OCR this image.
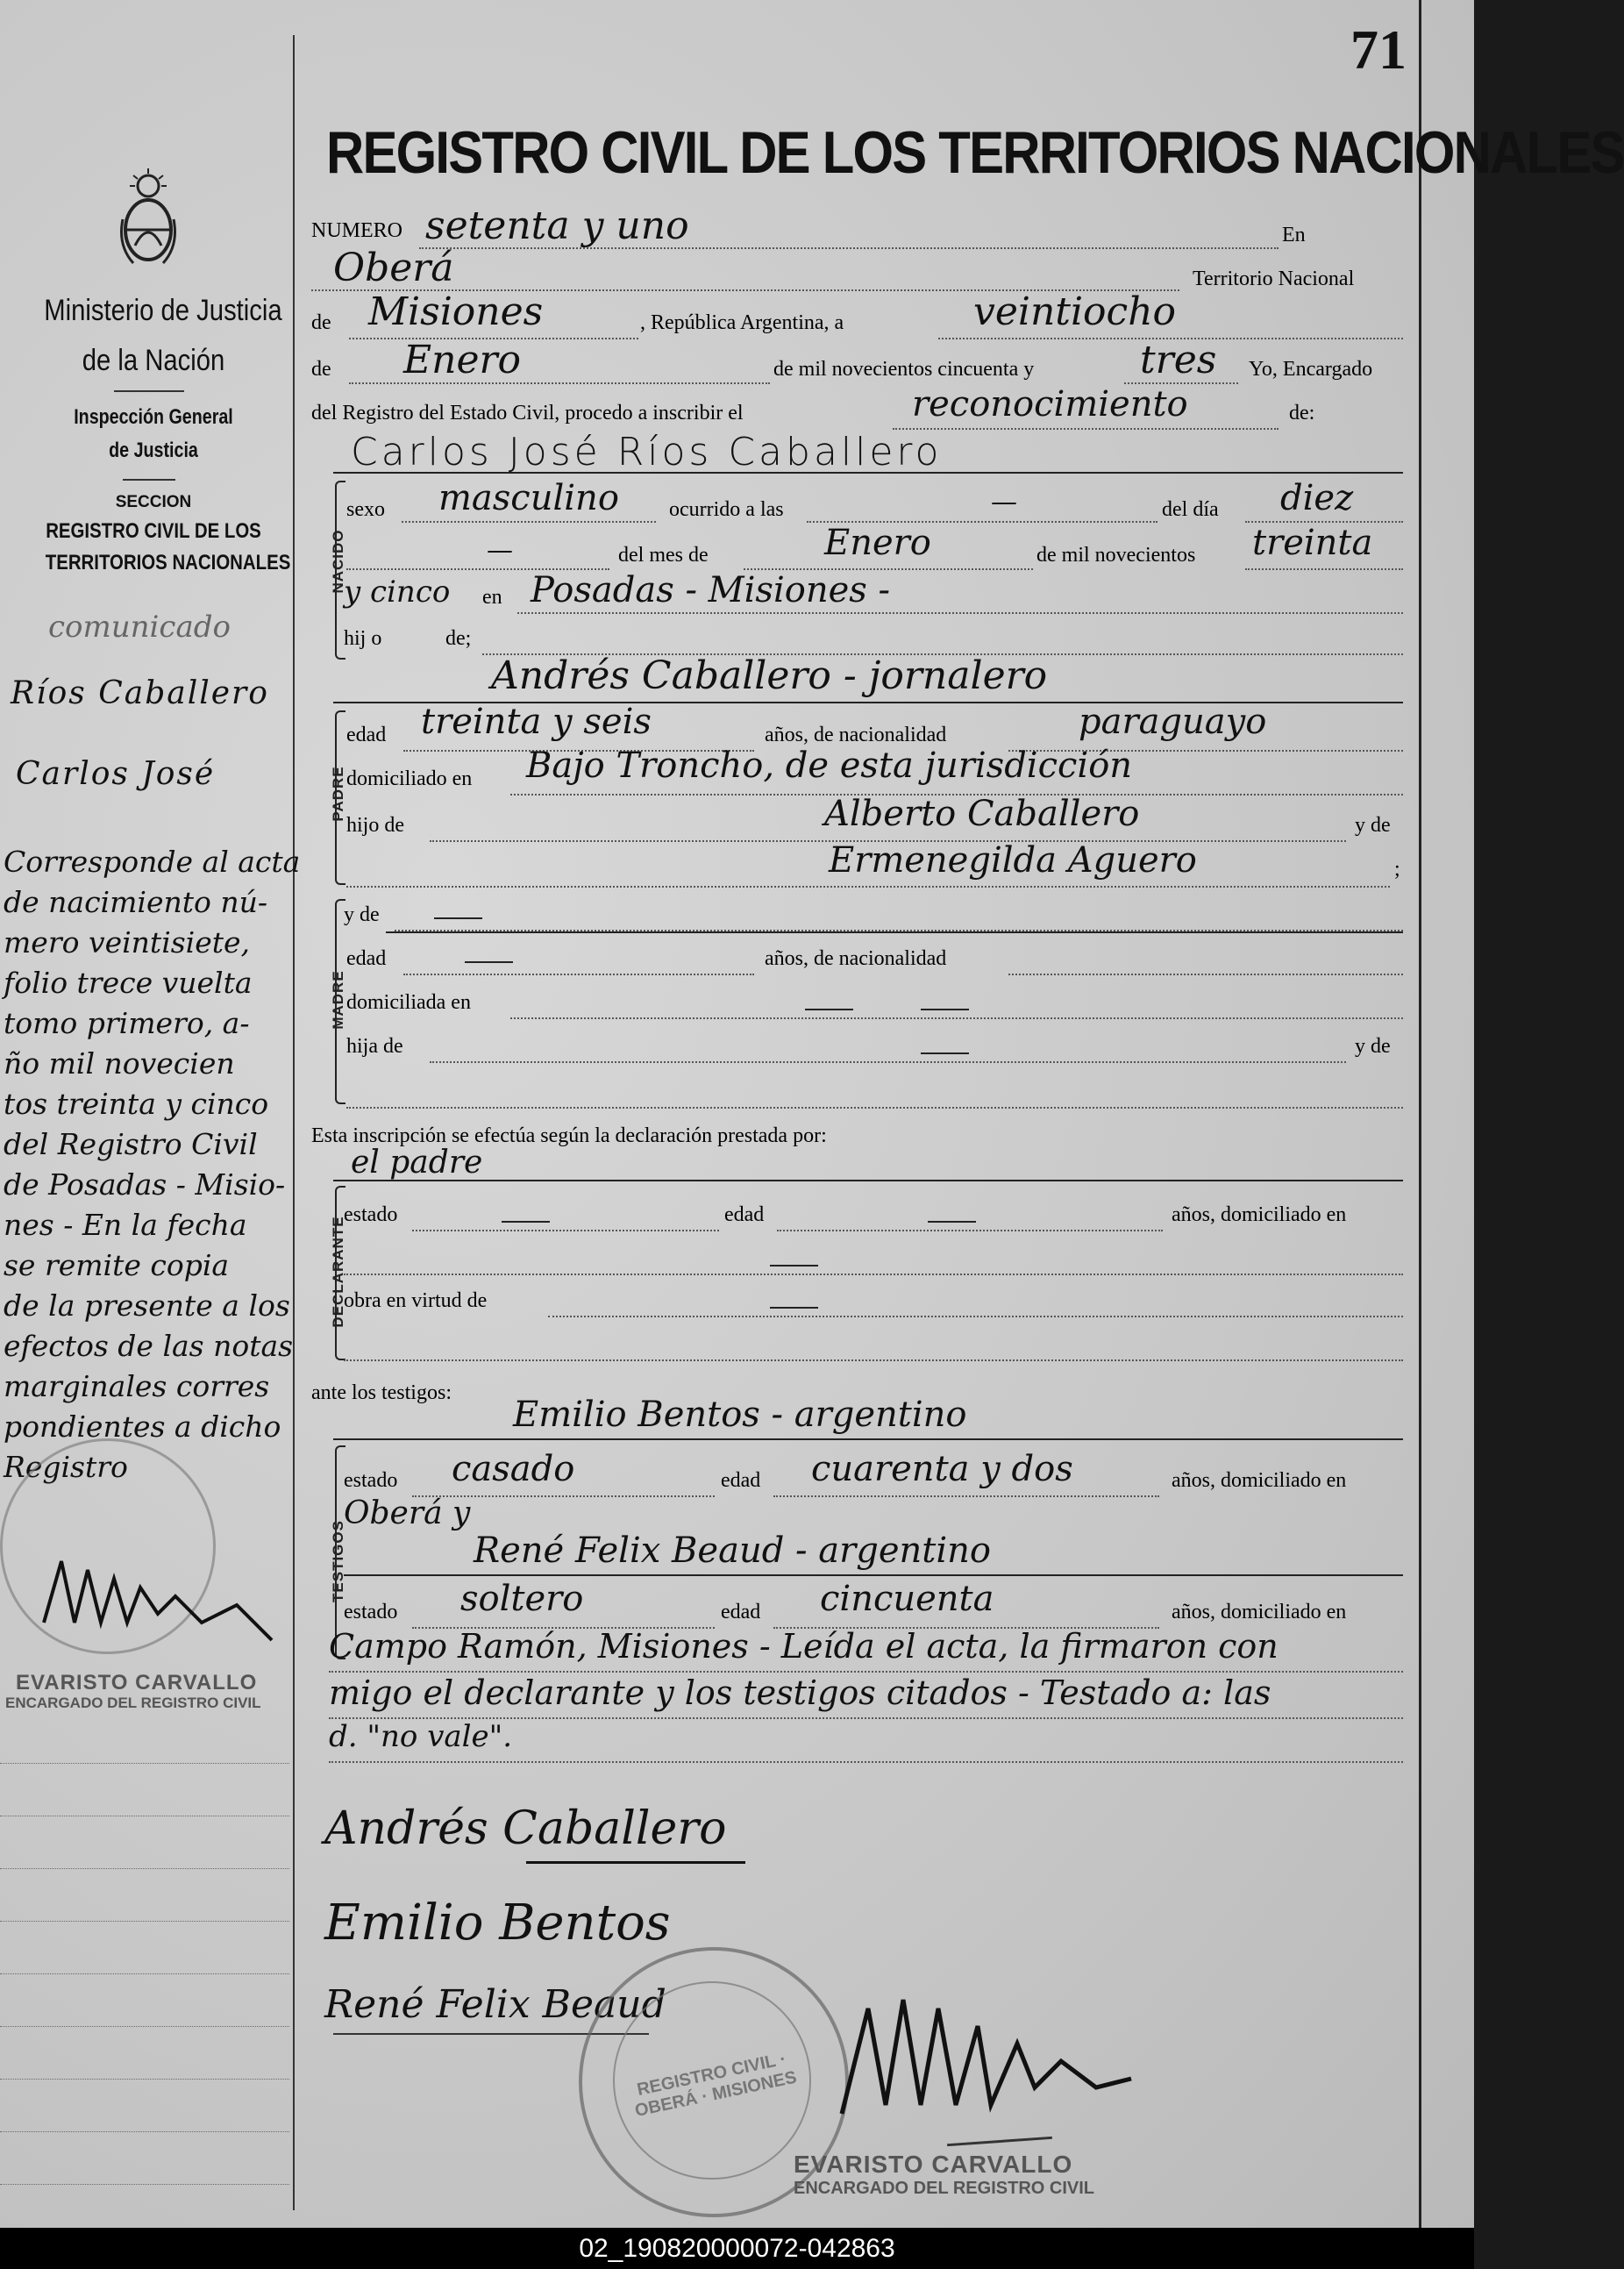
71
REGISTRO CIVIL DE LOS TERRITORIOS NACIONALES
Ministerio de Justicia
de la Nación
Inspección General
de Justicia
SECCION
REGISTRO CIVIL DE LOS
TERRITORIOS NACIONALES
comunicado
Ríos Caballero
Carlos José
Corresponde al acta
de nacimiento nú-
mero veintisiete,
folio trece vuelta
tomo primero, a-
ño mil novecien
tos treinta y cinco
del Registro Civil
de Posadas - Misio-
nes - En la fecha
se remite copia
de la presente a los
efectos de las notas
marginales corres
pondientes a dicho
Registro
EVARISTO CARVALLO
ENCARGADO DEL REGISTRO CIVIL
NUMERO setenta y uno	En
Oberá	Territorio Nacional
de Misiones	, República Argentina, a	veintiocho
de Enero	de mil novecientos cincuenta y	tres Yo, Encargado
del Registro del Estado Civil, procedo a inscribir el	reconocimiento	de:
Carlos José Ríos Caballero
NACIDO
sexo masculino ocurrido a las	—	del día diez
—	del mes de	Enero	de mil novecientos treinta
y cinco en Posadas - Misiones -
hij o	de;
Andrés Caballero - jornalero
PADRE
edad treinta y seis	años, de nacionalidad	paraguayo
domiciliado en Bajo Troncho, de esta jurisdicción
hijo de	Alberto Caballero	y de
Ermenegilda Aguero	;
MADRE
y de
edad	años, de nacionalidad
domiciliada en
hija de	y de
Esta inscripción se efectúa según la declaración prestada por:
el padre
DECLARANTE
estado	edad	años, domiciliado en
obra en virtud de
ante los testigos:
Emilio Bentos - argentino
TESTIGOS
estado casado	edad cuarenta y dos	años, domiciliado en
Oberá y
René Felix Beaud - argentino
estado soltero	edad cincuenta	años, domiciliado en
Campo Ramón, Misiones - Leída el acta, la firmaron con
migo el declarante y los testigos citados - Testado a: las
d. "no vale".
Andrés Caballero
Emilio Bentos
René Felix Beaud
REGISTRO CIVIL · OBERÁ · MISIONES
EVARISTO CARVALLO
ENCARGADO DEL REGISTRO CIVIL
02_190820000072-042863
